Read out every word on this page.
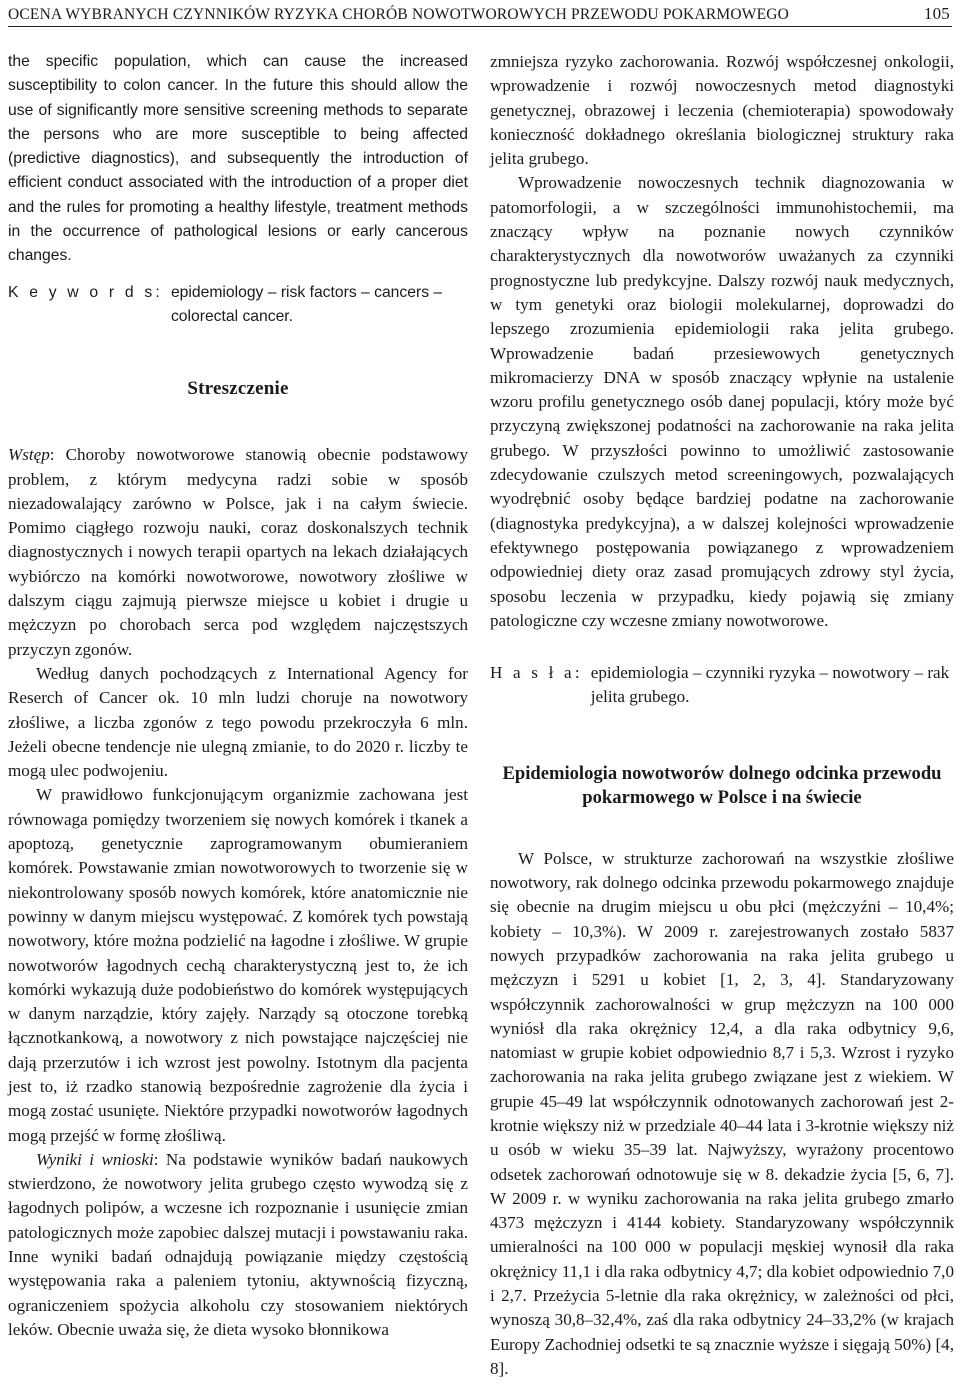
OCENA WYBRANYCH CZYNNIKÓW RYZYKA CHORÓB NOWOTWOROWYCH PRZEWODU POKARMOWEGO	105

the specific population, which can cause the increased susceptibility to colon cancer. In the future this should allow the use of significantly more sensitive screening methods to separate the persons who are more susceptible to being affected (predictive diagnostics), and subsequently the introduction of efficient conduct associated with the introduction of a proper diet and the rules for promoting a healthy lifestyle, treatment methods in the occurrence of pathological lesions or early cancerous changes.

K e y w o r d s: epidemiology – risk factors – cancers – colorectal cancer.
Streszczenie

Wstęp: Choroby nowotworowe stanowią obecnie podstawowy problem, z którym medycyna radzi sobie w sposób niezadowalający zarówno w Polsce, jak i na całym świecie. Pomimo ciągłego rozwoju nauki, coraz doskonalszych technik diagnostycznych i nowych terapii opartych na lekach działających wybiórczo na komórki nowotworowe, nowotwory złośliwe w dalszym ciągu zajmują pierwsze miejsce u kobiet i drugie u mężczyzn po chorobach serca pod względem najczęstszych przyczyn zgonów.

Według danych pochodzących z International Agency for Reserch of Cancer ok. 10 mln ludzi choruje na nowotwory złośliwe, a liczba zgonów z tego powodu przekroczyła 6 mln. Jeżeli obecne tendencje nie ulegną zmianie, to do 2020 r. liczby te mogą ulec podwojeniu.

W prawidłowo funkcjonującym organizmie zachowana jest równowaga pomiędzy tworzeniem się nowych komórek i tkanek a apoptozą, genetycznie zaprogramowanym obumieraniem komórek. Powstawanie zmian nowotworowych to tworzenie się w niekontrolowany sposób nowych komórek, które anatomicznie nie powinny w danym miejscu występować. Z komórek tych powstają nowotwory, które można podzielić na łagodne i złośliwe. W grupie nowotworów łagodnych cechą charakterystyczną jest to, że ich komórki wykazują duże podobieństwo do komórek występujących w danym narządzie, który zajęły. Narządy są otoczone torebką łącznotkankową, a nowotwory z nich powstające najczęściej nie dają przerzutów i ich wzrost jest powolny. Istotnym dla pacjenta jest to, iż rzadko stanowią bezpośrednie zagrożenie dla życia i mogą zostać usunięte. Niektóre przypadki nowotworów łagodnych mogą przejść w formę złośliwą.

Wyniki i wnioski: Na podstawie wyników badań naukowych stwierdzono, że nowotwory jelita grubego często wywodzą się z łagodnych polipów, a wczesne ich rozpoznanie i usunięcie zmian patologicznych może zapobiec dalszej mutacji i powstawaniu raka. Inne wyniki badań odnajdują powiązanie między częstością występowania raka a paleniem tytoniu, aktywnością fizyczną, ograniczeniem spożycia alkoholu czy stosowaniem niektórych leków. Obecnie uważa się, że dieta wysoko błonnikowa

zmniejsza ryzyko zachorowania. Rozwój współczesnej onkologii, wprowadzenie i rozwój nowoczesnych metod diagnostyki genetycznej, obrazowej i leczenia (chemioterapia) spowodowały konieczność dokładnego określania biologicznej struktury raka jelita grubego.

Wprowadzenie nowoczesnych technik diagnozowania w patomorfologii, a w szczególności immunohistochemii, ma znaczący wpływ na poznanie nowych czynników charakterystycznych dla nowotworów uważanych za czynniki prognostyczne lub predykcyjne. Dalszy rozwój nauk medycznych, w tym genetyki oraz biologii molekularnej, doprowadzi do lepszego zrozumienia epidemiologii raka jelita grubego. Wprowadzenie badań przesiewowych genetycznych mikromacierzy DNA w sposób znaczący wpłynie na ustalenie wzoru profilu genetycznego osób danej populacji, który może być przyczyną zwiększonej podatności na zachorowanie na raka jelita grubego. W przyszłości powinno to umożliwić zastosowanie zdecydowanie czulszych metod screeningowych, pozwalających wyodrębnić osoby będące bardziej podatne na zachorowanie (diagnostyka predykcyjna), a w dalszej kolejności wprowadzenie efektywnego postępowania powiązanego z wprowadzeniem odpowiedniej diety oraz zasad promujących zdrowy styl życia, sposobu leczenia w przypadku, kiedy pojawią się zmiany patologiczne czy wczesne zmiany nowotworowe.

H a s ł a: epidemiologia – czynniki ryzyka – nowotwory – rak jelita grubego.
Epidemiologia nowotworów dolnego odcinka przewodu pokarmowego w Polsce i na świecie

W Polsce, w strukturze zachorowań na wszystkie złośliwe nowotwory, rak dolnego odcinka przewodu pokarmowego znajduje się obecnie na drugim miejscu u obu płci (mężczyźni – 10,4%; kobiety – 10,3%). W 2009 r. zarejestrowanych zostało 5837 nowych przypadków zachorowania na raka jelita grubego u mężczyzn i 5291 u kobiet [1, 2, 3, 4]. Standaryzowany współczynnik zachorowalności w grup mężczyzn na 100 000 wyniósł dla raka okrężnicy 12,4, a dla raka odbytnicy 9,6, natomiast w grupie kobiet odpowiednio 8,7 i 5,3. Wzrost i ryzyko zachorowania na raka jelita grubego związane jest z wiekiem. W grupie 45–49 lat współczynnik odnotowanych zachorowań jest 2-krotnie większy niż w przedziale 40–44 lata i 3-krotnie większy niż u osób w wieku 35–39 lat. Najwyższy, wyrażony procentowo odsetek zachorowań odnotowuje się w 8. dekadzie życia [5, 6, 7]. W 2009 r. w wyniku zachorowania na raka jelita grubego zmarło 4373 mężczyzn i 4144 kobiety. Standaryzowany współczynnik umieralności na 100 000 w populacji męskiej wynosił dla raka okrężnicy 11,1 i dla raka odbytnicy 4,7; dla kobiet odpowiednio 7,0 i 2,7. Przeżycia 5-letnie dla raka okrężnicy, w zależności od płci, wynoszą 30,8–32,4%, zaś dla raka odbytnicy 24–33,2% (w krajach Europy Zachodniej odsetki te są znacznie wyższe i sięgają 50%) [4, 8].
